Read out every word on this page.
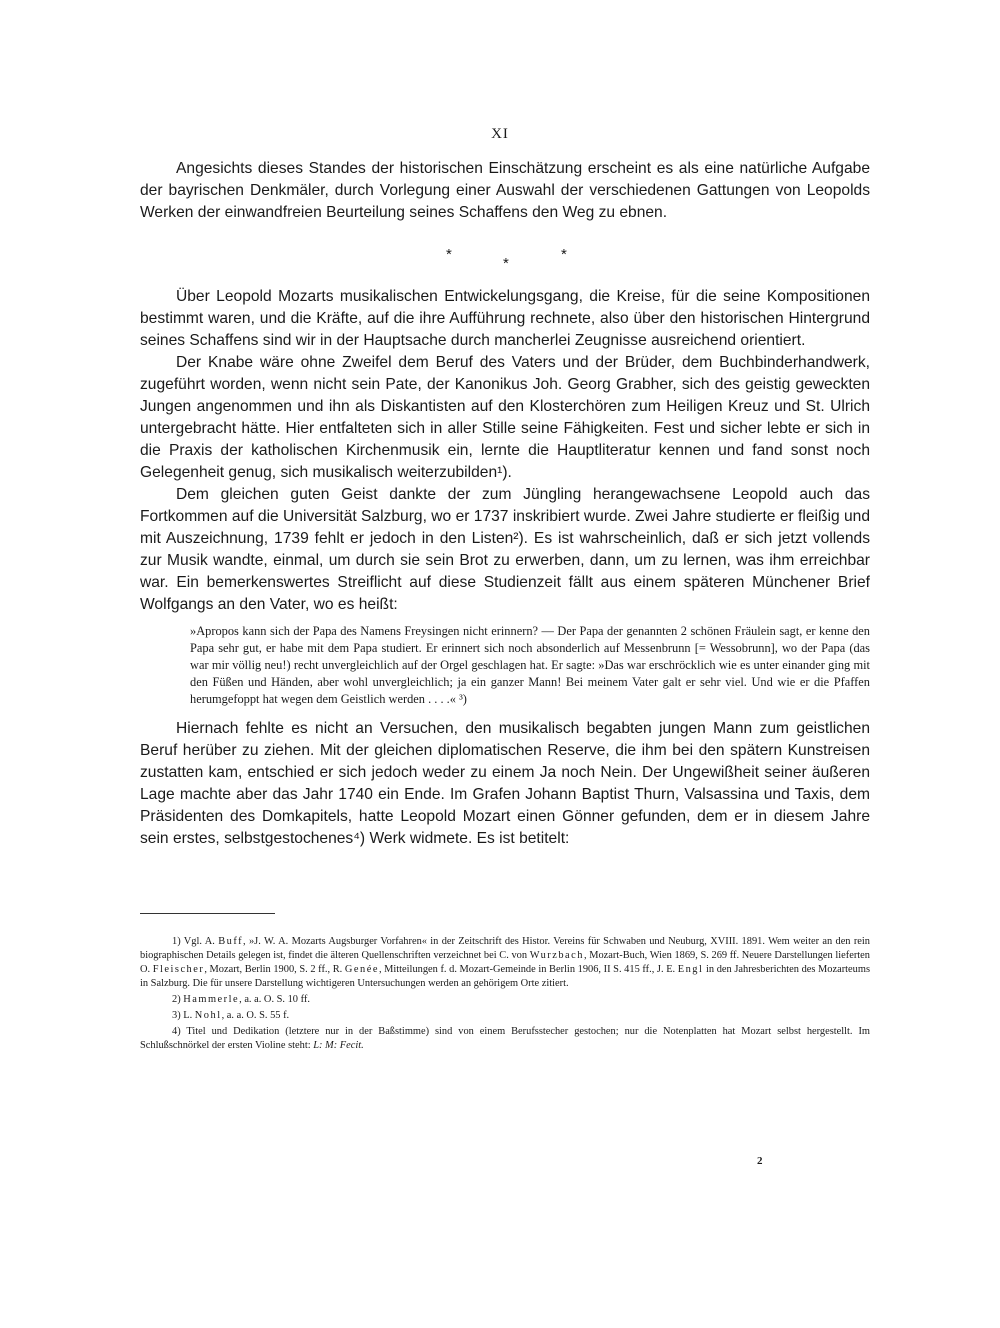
XI

Angesichts dieses Standes der historischen Einschätzung erscheint es als eine natürliche Aufgabe der bayrischen Denkmäler, durch Vorlegung einer Auswahl der verschiedenen Gattungen von Leopolds Werken der einwandfreien Beurteilung seines Schaffens den Weg zu ebnen.

*
*
*

Über Leopold Mozarts musikalischen Entwickelungsgang, die Kreise, für die seine Kompositionen bestimmt waren, und die Kräfte, auf die ihre Aufführung rechnete, also über den historischen Hintergrund seines Schaffens sind wir in der Hauptsache durch mancherlei Zeugnisse ausreichend orientiert.

Der Knabe wäre ohne Zweifel dem Beruf des Vaters und der Brüder, dem Buchbinderhandwerk, zugeführt worden, wenn nicht sein Pate, der Kanonikus Joh. Georg Grabher, sich des geistig geweckten Jungen angenommen und ihn als Diskantisten auf den Klosterchören zum Heiligen Kreuz und St. Ulrich untergebracht hätte. Hier entfalteten sich in aller Stille seine Fähigkeiten. Fest und sicher lebte er sich in die Praxis der katholischen Kirchenmusik ein, lernte die Hauptliteratur kennen und fand sonst noch Gelegenheit genug, sich musikalisch weiterzubilden¹).

Dem gleichen guten Geist dankte der zum Jüngling herangewachsene Leopold auch das Fortkommen auf die Universität Salzburg, wo er 1737 inskribiert wurde. Zwei Jahre studierte er fleißig und mit Auszeichnung, 1739 fehlt er jedoch in den Listen²). Es ist wahrscheinlich, daß er sich jetzt vollends zur Musik wandte, einmal, um durch sie sein Brot zu erwerben, dann, um zu lernen, was ihm erreichbar war. Ein bemerkenswertes Streiflicht auf diese Studienzeit fällt aus einem späteren Münchener Brief Wolfgangs an den Vater, wo es heißt:

»Apropos kann sich der Papa des Namens Freysingen nicht erinnern? — Der Papa der genannten 2 schönen Fräulein sagt, er kenne den Papa sehr gut, er habe mit dem Papa studiert. Er erinnert sich noch absonderlich auf Messenbrunn [= Wessobrunn], wo der Papa (das war mir völlig neu!) recht unvergleichlich auf der Orgel geschlagen hat. Er sagte: »Das war erschröcklich wie es unter einander ging mit den Füßen und Händen, aber wohl unvergleichlich; ja ein ganzer Mann! Bei meinem Vater galt er sehr viel. Und wie er die Pfaffen herumgefoppt hat wegen dem Geistlich werden . . . .« ³)

Hiernach fehlte es nicht an Versuchen, den musikalisch begabten jungen Mann zum geistlichen Beruf herüber zu ziehen. Mit der gleichen diplomatischen Reserve, die ihm bei den spätern Kunstreisen zustatten kam, entschied er sich jedoch weder zu einem Ja noch Nein. Der Ungewißheit seiner äußeren Lage machte aber das Jahr 1740 ein Ende. Im Grafen Johann Baptist Thurn, Valsassina und Taxis, dem Präsidenten des Domkapitels, hatte Leopold Mozart einen Gönner gefunden, dem er in diesem Jahre sein erstes, selbstgestochenes⁴) Werk widmete. Es ist betitelt:

1) Vgl. A. Buff, »J. W. A. Mozarts Augsburger Vorfahren« in der Zeitschrift des Histor. Vereins für Schwaben und Neuburg, XVIII. 1891. Wem weiter an den rein biographischen Details gelegen ist, findet die älteren Quellenschriften verzeichnet bei C. von Wurzbach, Mozart-Buch, Wien 1869, S. 269 ff. Neuere Darstellungen lieferten O. Fleischer, Mozart, Berlin 1900, S. 2 ff., R. Genée, Mitteilungen f. d. Mozart-Gemeinde in Berlin 1906, II S. 415 ff., J. E. Engl in den Jahresberichten des Mozarteums in Salzburg. Die für unsere Darstellung wichtigeren Untersuchungen werden an gehörigem Orte zitiert.

2) Hammerle, a. a. O. S. 10 ff.

3) L. Nohl, a. a. O. S. 55 f.

4) Titel und Dedikation (letztere nur in der Baßstimme) sind von einem Berufsstecher gestochen; nur die Notenplatten hat Mozart selbst hergestellt. Im Schlußschnörkel der ersten Violine steht: L: M: Fecit.

2
